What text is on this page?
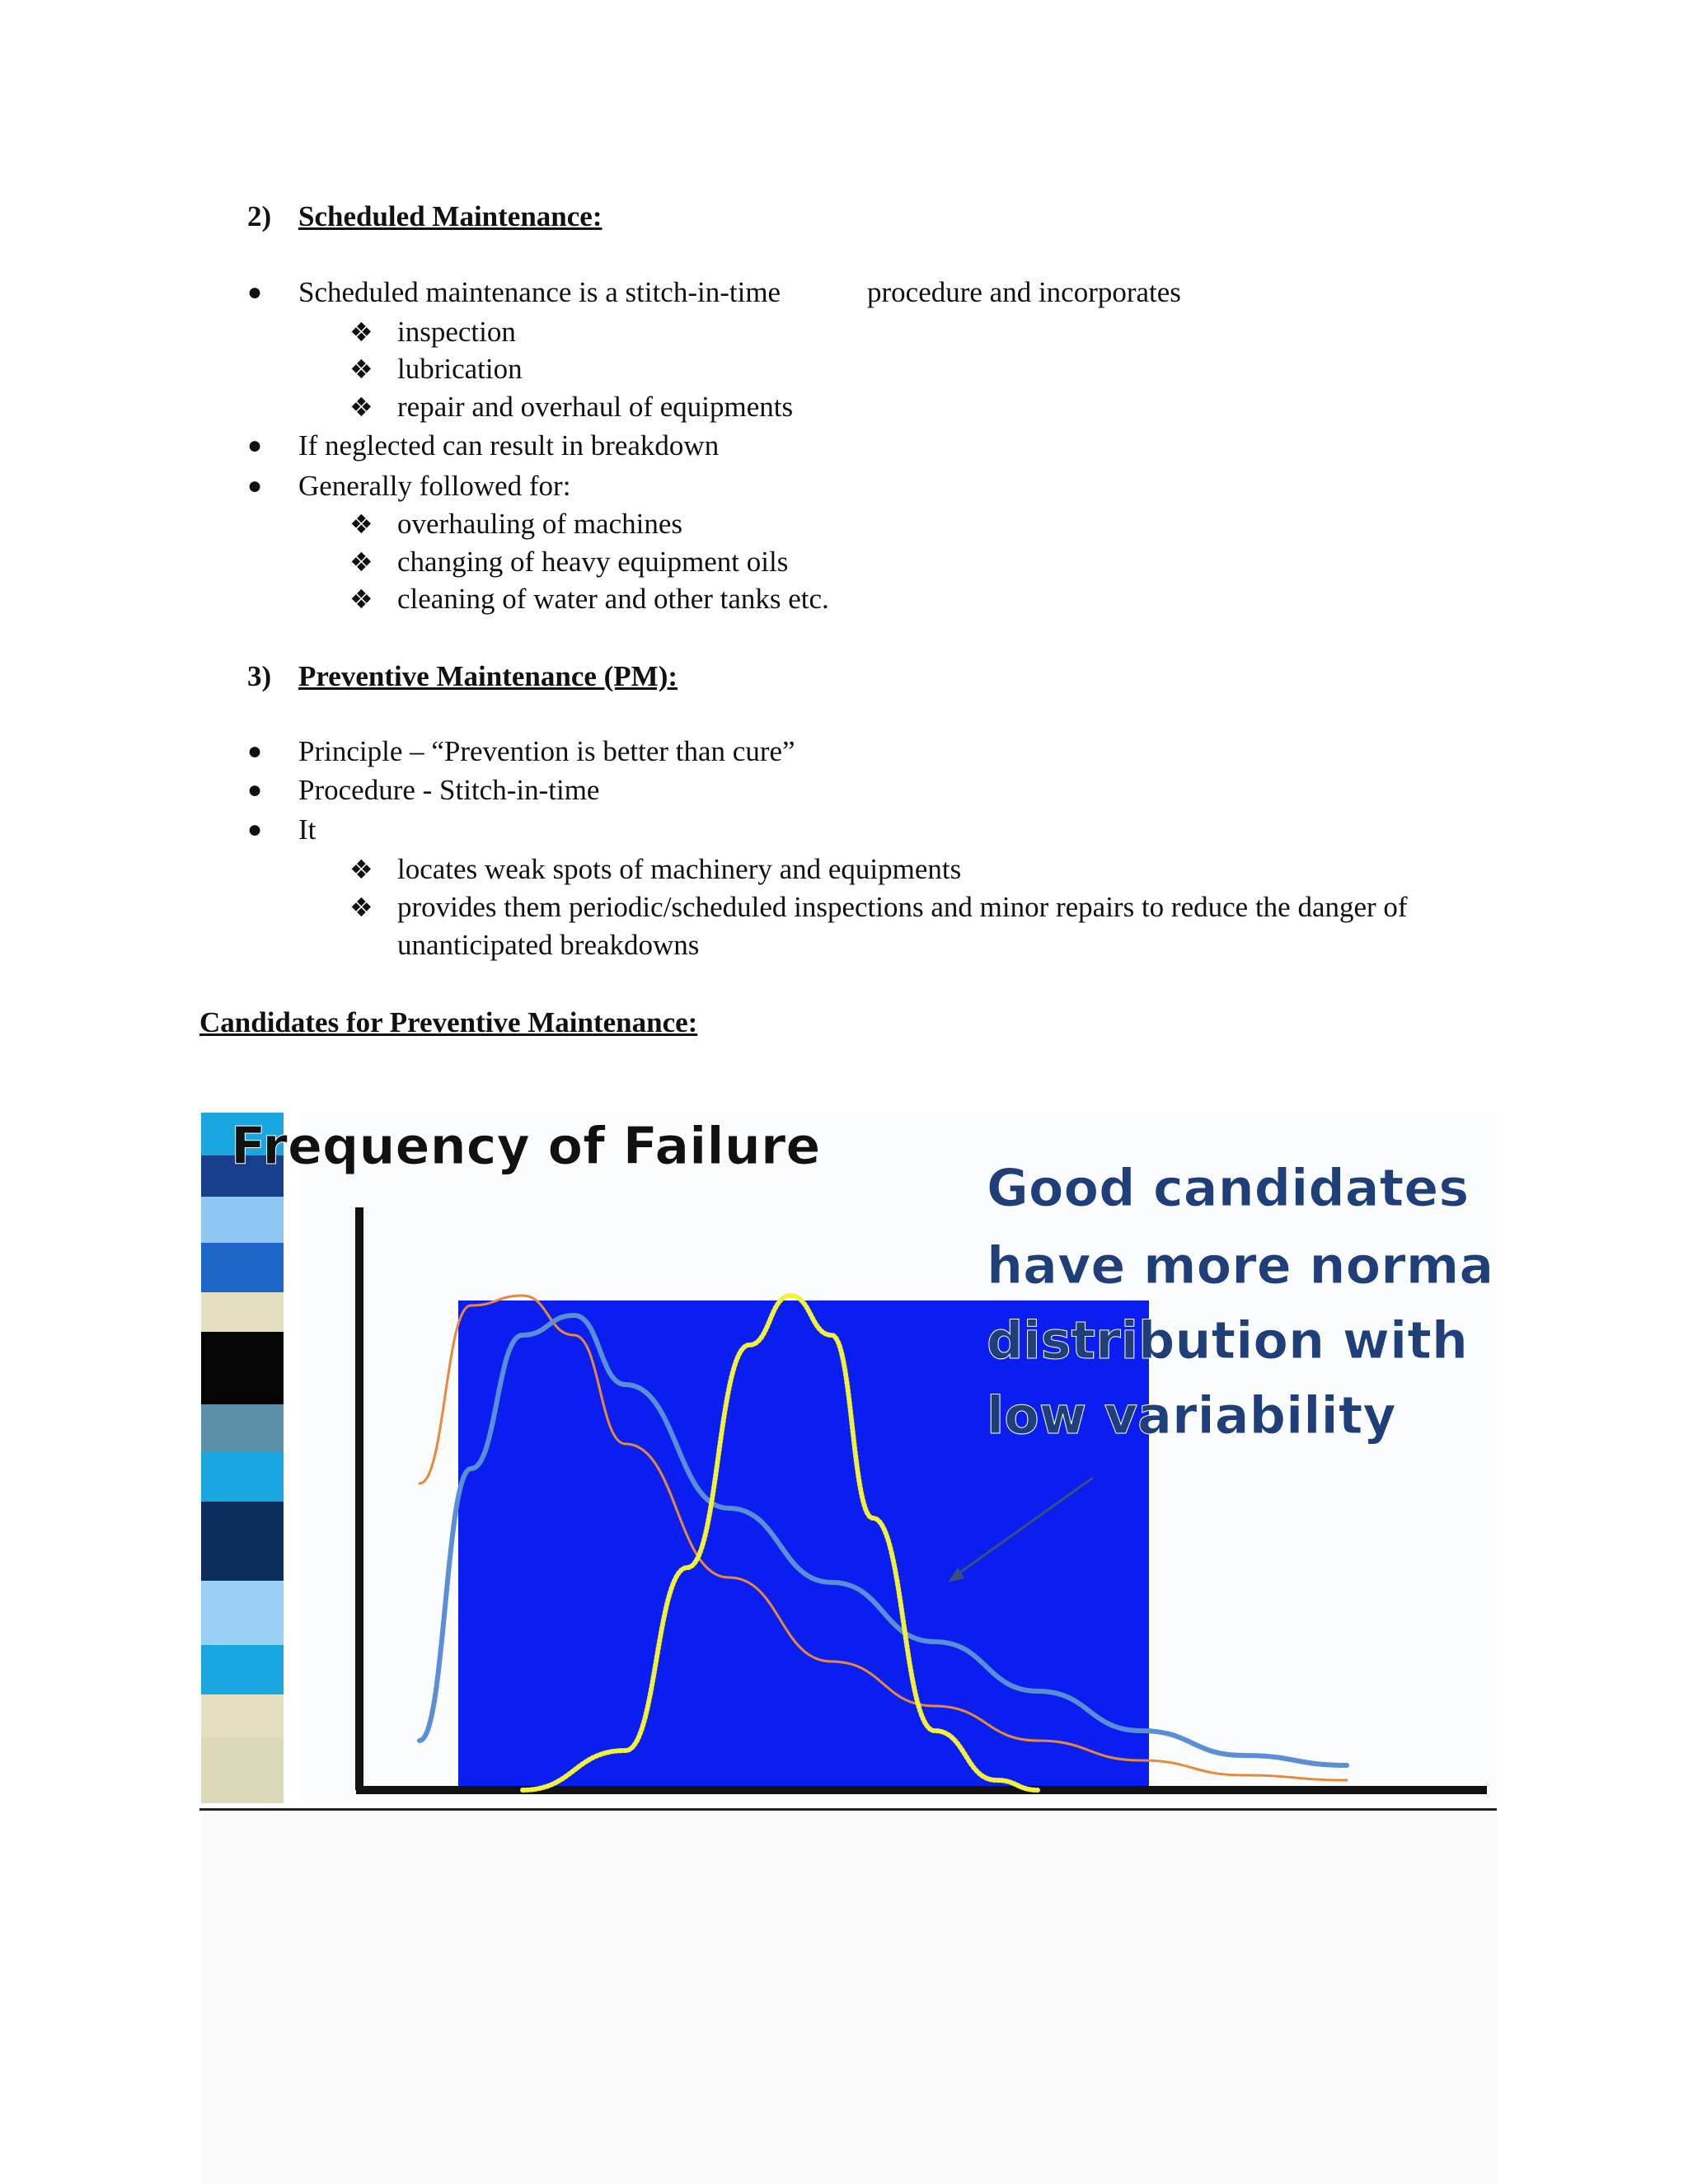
2) Scheduled Maintenance:
● Scheduled maintenance is a stitch-in-time	procedure and incorporates
❖ inspection
❖ lubrication
❖ repair and overhaul of equipments
● If neglected can result in breakdown
● Generally followed for:
❖ overhauling of machines
❖ changing of heavy equipment oils
❖ cleaning of water and other tanks etc.
3) Preventive Maintenance (PM):
● Principle – “Prevention is better than cure”
● Procedure - Stitch-in-time
● It
❖ locates weak spots of machinery and equipments
❖ provides them periodic/scheduled inspections and minor repairs to reduce the danger of
unanticipated breakdowns
Candidates for Preventive Maintenance:
Frequency of Failure
Good candidates
have more norma
distribution with
low variability
